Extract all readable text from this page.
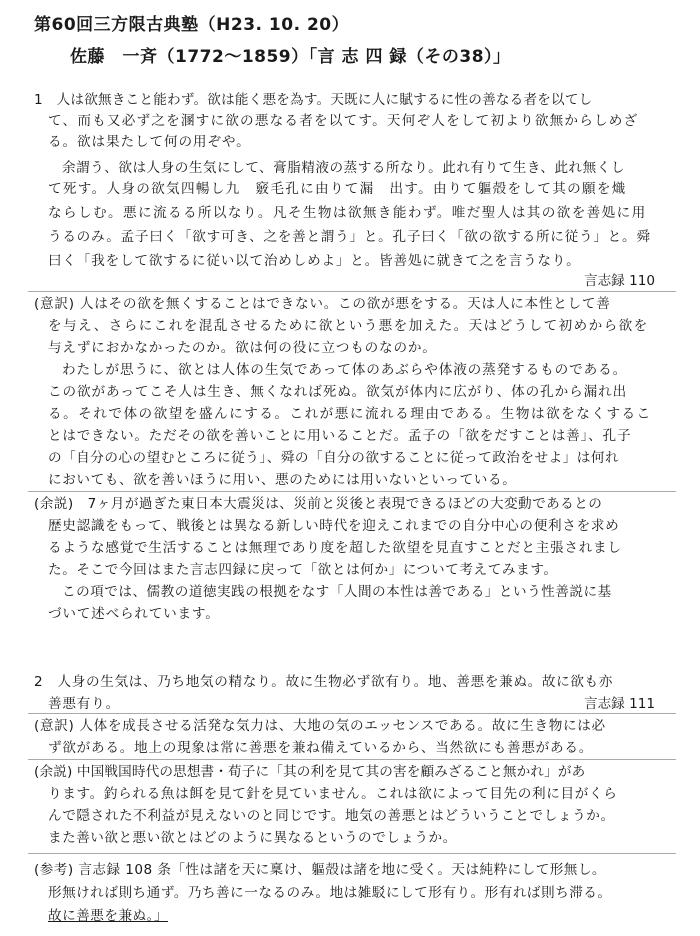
第60回三方限古典塾（H23. 10. 20）
佐藤　一斉（1772〜1859）「言 志 四 録（その38）」
1　人は欲無きこと能わず。欲は能く悪を為す。天既に人に賦するに性の善なる者を以てし
て、而も又必ず之を溷すに欲の悪なる者を以てす。天何ぞ人をして初より欲無からしめざ
る。欲は果たして何の用ぞや。
余謂う、欲は人身の生気にして、膏脂精液の蒸する所なり。此れ有りて生き、此れ無くし
て死す。人身の欲気四暢し九　竅毛孔に由りて漏　出す。由りて軀殻をして其の願を熾
ならしむ。悪に流るる所以なり。凡そ生物は欲無き能わず。唯だ聖人は其の欲を善処に用
うるのみ。孟子曰く「欲す可き、之を善と謂う」と。孔子曰く「欲の欲する所に従う」と。舜
曰く「我をして欲するに従い以て治めしめよ」と。皆善処に就きて之を言うなり。
言志録 110
(意訳) 人はその欲を無くすることはできない。この欲が悪をする。天は人に本性として善
を与え、さらにこれを混乱させるために欲という悪を加えた。天はどうして初めから欲を
与えずにおかなかったのか。欲は何の役に立つものなのか。
わたしが思うに、欲とは人体の生気であって体のあぶらや体液の蒸発するものである。
この欲があってこそ人は生き、無くなれば死ぬ。欲気が体内に広がり、体の孔から漏れ出
る。それで体の欲望を盛んにする。これが悪に流れる理由である。生物は欲をなくするこ
とはできない。ただその欲を善いことに用いることだ。孟子の「欲をだすことは善」、孔子
の「自分の心の望むところに従う」、舜の「自分の欲することに従って政治をせよ」は何れ
においても、欲を善いほうに用い、悪のためには用いないといっている。
(余説)　7ヶ月が過ぎた東日本大震災は、災前と災後と表現できるほどの大変動であるとの
歴史認識をもって、戦後とは異なる新しい時代を迎えこれまでの自分中心の便利さを求め
るような感覚で生活することは無理であり度を超した欲望を見直すことだと主張されまし
た。そこで今回はまた言志四録に戻って「欲とは何か」について考えてみます。
この項では、儒教の道徳実践の根拠をなす「人間の本性は善である」という性善説に基
づいて述べられています。
2　人身の生気は、乃ち地気の精なり。故に生物必ず欲有り。地、善悪を兼ぬ。故に欲も亦
善悪有り。	言志録 111
(意訳) 人体を成長させる活発な気力は、大地の気のエッセンスである。故に生き物には必
ず欲がある。地上の現象は常に善悪を兼ね備えているから、当然欲にも善悪がある。
(余説) 中国戦国時代の思想書・荀子に「其の利を見て其の害を顧みざること無かれ」があ
ります。釣られる魚は餌を見て針を見ていません。これは欲によって目先の利に目がくら
んで隠された不利益が見えないのと同じです。地気の善悪とはどういうことでしょうか。
また善い欲と悪い欲とはどのように異なるというのでしょうか。
(参考) 言志録 108 条「性は諸を天に稟け、軀殻は諸を地に受く。天は純粋にして形無し。
形無ければ則ち通ず。乃ち善に一なるのみ。地は雑駁にして形有り。形有れば則ち滞る。
故に善悪を兼ぬ。」
